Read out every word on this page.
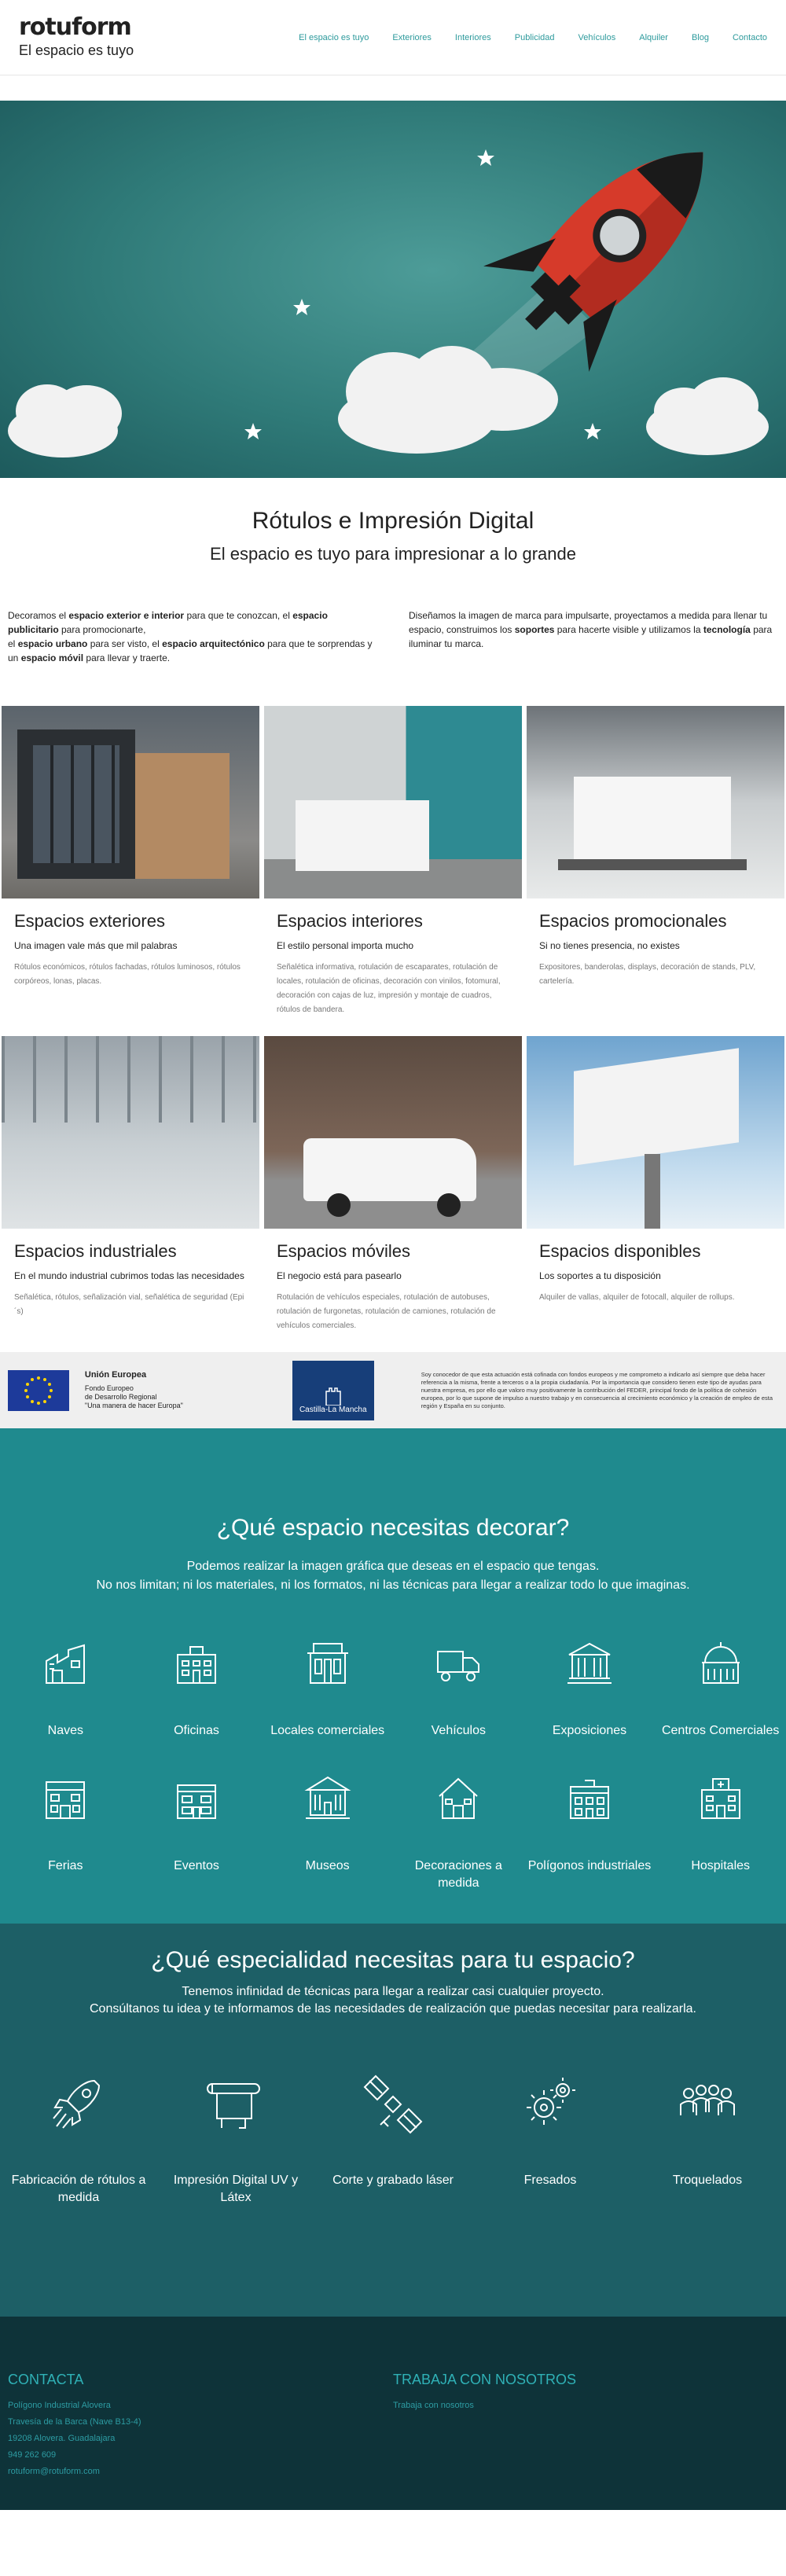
rotuform
El espacio es tuyo
El espacio es tuyo	Exteriores	Interiores	Publicidad	Vehículos	Alquiler	Blog	Contacto
Rótulos e Impresión Digital
El espacio es tuyo para impresionar a lo grande

Decoramos el espacio exterior e interior para que te conozcan, el espacio publicitario para promocionarte,
el espacio urbano para ser visto, el espacio arquitectónico para que te sorprendas y un espacio móvil para llevar y traerte.

Diseñamos la imagen de marca para impulsarte, proyectamos a medida para llenar tu espacio, construimos los soportes para hacerte visible y utilizamos la tecnología para iluminar tu marca.

Espacios exteriores
Una imagen vale más que mil palabras
Rótulos económicos, rótulos fachadas, rótulos luminosos, rótulos corpóreos, lonas, placas.
Espacios interiores
El estilo personal importa mucho
Señalética informativa, rotulación de escaparates, rotulación de locales, rotulación de oficinas, decoración con vinilos, fotomural, decoración con cajas de luz, impresión y montaje de cuadros, rótulos de bandera.
Espacios promocionales
Si no tienes presencia, no existes
Expositores, banderolas, displays, decoración de stands, PLV, cartelería.
Espacios industriales
En el mundo industrial cubrimos todas las necesidades
Señalética, rótulos, señalización vial, señalética de seguridad (Epi´s)
Espacios móviles
El negocio está para pasearlo
Rotulación de vehículos especiales, rotulación de autobuses, rotulación de furgonetas, rotulación de camiones, rotulación de vehículos comerciales.
Espacios disponibles
Los soportes a tu disposición
Alquiler de vallas, alquiler de fotocall, alquiler de rollups.
Unión Europea
Fondo Europeo
de Desarrollo Regional
"Una manera de hacer Europa"	Castilla-La Mancha
Soy conocedor de que esta actuación está cofinada con fondos europeos y me comprometo a indicarlo así siempre que deba hacer referencia a la misma, frente a terceros o a la propia ciudadanía. Por la importancia que considero tienen este tipo de ayudas para nuestra empresa, es por ello que valoro muy positivamente la contribución del FEDER, principal fondo de la política de cohesión europea, por lo que supone de impulso a nuestro trabajo y en consecuencia al crecimiento económico y la creación de empleo de esta región y España en su conjunto.
¿Qué espacio necesitas decorar?
Podemos realizar la imagen gráfica que deseas en el espacio que tengas.
No nos limitan; ni los materiales, ni los formatos, ni las técnicas para llegar a realizar todo lo que imaginas.
Naves	Oficinas	Locales comerciales	Vehículos	Exposiciones	Centros Comerciales
Ferias	Eventos	Museos	Decoraciones a medida
Polígonos industriales	Hospitales
¿Qué especialidad necesitas para tu espacio?
Tenemos infinidad de técnicas para llegar a realizar casi cualquier proyecto.
Consúltanos tu idea y te informamos de las necesidades de realización que puedas necesitar para realizarla.
Fabricación de rótulos a medida
Impresión Digital UV y Látex
Corte y grabado láser	Fresados	Troquelados
CONTACTA
Polígono Industrial Alovera
Travesía de la Barca (Nave B13-4)
19208 Alovera. Guadalajara
949 262 609
rotuform@rotuform.com
TRABAJA CON NOSOTROS
Trabaja con nosotros
